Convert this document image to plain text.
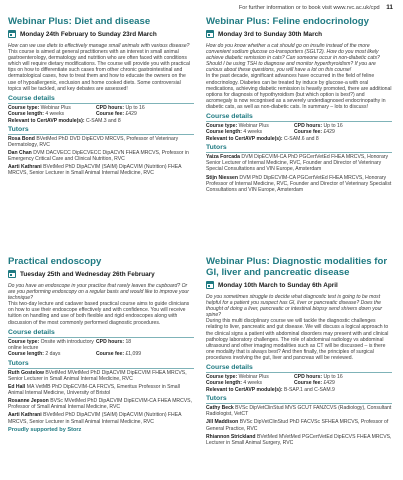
For further information or to book visit www.rvc.ac.uk/cpd 11
Webinar Plus: Diet and disease
Monday 24th February to Sunday 23rd March

How can we use diets to effectively manage small animals with various disease?

This course is aimed at general practitioners with an interest in small animal gastroenterology, dermatology and nutrition who are often faced with conditions which will require dietary modifications. The course will provide you with practical tips on how to differentiate such cases from other chronic gastrointestinal and dermatological cases, how to treat them and how to educate the owners on the use of hypoallergenic, exclusion and home cooked diets. Some controversial topics will be tackled, and key debates are assessed!

Course details
Course type: Webinar Plus	CPD hours: Up to 16
Course length: 4 weeks	Course fee: £429
Relevant to CertAVP module(s): C-SAM.3 and 8
Tutors

Rosa Bond BVetMed PhD DVD DipECVD MRCVS, Professor of Veterinary Dermatology, RVC

Dan Chan DVM DACVECC DipECVECC DipACVN FHEA MRCVS, Professor in Emergency Critical Care and Clinical Nutrition, RVC

Aarti Kathrani BVetMed PhD DipACVIM (SAIM) DipACVIM (Nutrition) FHEA MRCVS, Senior Lecturer in Small Animal Internal Medicine, RVC

Practical endoscopy
Tuesday 25th and Wednesday 26th February

Do you have an endoscope in your practice that rarely leaves the cupboard? Or are you performing endoscopy on a regular basis and would like to improve your technique?

This two-day lecture and cadaver based practical course aims to guide clinicians on how to use their endoscope effectively and with confidence. You will receive tuition on handling and use of both flexible and rigid endoscopes along with discussion of the most commonly performed diagnostic procedures.

Course details
Course type: Onsite with introductory online lecture
CPD hours: 18
Course length: 2 days	Course fee: £1,099
Tutors

Ruth Gostelow BVetMed MVetMed PhD DipACVIM DipECVIM FHEA MRCVS, Senior Lecturer in Small Animal Internal Medicine, RVC

Ed Hall MA VetMB PhD DipECVIM-CA FRCVS, Emeritus Professor in Small Animal Internal Medicine, University of Bristol

Rosanne Jepson BVSc MVetMed PhD DipACVIM DipECVIM-CA FHEA MRCVS, Professor of Small Animal Internal Medicine, RVC

Aarti Kathrani BVetMed PhD DipACVIM (SAIM) DipACVIM (Nutrition) FHEA MRCVS, Senior Lecturer in Small Animal Internal Medicine, RVC

Proudly supported by Storz
Webinar Plus: Feline endocrinology
Monday 3rd to Sunday 30th March

How do you know whether a cat should go on insulin instead of the more convenient sodium glucose co-transporters (SGLT2). How do you most likely achieve diabetic remission in cats? Can someone occur in non-diabetic cats? Should I be using TSH to diagnose and monitor hyperthyroidism? If you are curious about these questions, you will have a lot on this course!

In the past decade, significant advances have occurred in the field of feline endocrinology. Diabetes can be treated by induce by glucose-a with oral medications, achieving diabetic remission is heavily promoted, there are additional options for diagnosis of hypothyroidism (but which option is best?) and acromegaly is now recognised as a severely underdiagnosed endocrinopathy in diabetic cats, as well as non-diabetic cats. In summary – lots to discuss!

Course details
Course type: Webinar Plus	CPD hours: Up to 16
Course length: 4 weeks	Course fee: £429
Relevant to CertAVP module(s): C-SAM.6 and 8
Tutors

Yaiza Forcada DVM DipECVIM-CA PhD PGCertVetEd FHEA MRCVS, Honorary Senior Lecturer of Internal Medicine, RVC, Founder and Director of Veterinary Special Consultations and VIN Europe, Amsterdam

Stijn Niessen DVM PhD DipECVIM-CA PGCertVetEd FHEA MRCVS, Honorary Professor of Internal Medicine, RVC, Founder and Director of Veterinary Specialist Consultations and VIN Europe, Amsterdam

Webinar Plus: Diagnostic modalities for GI, liver and pancreatic disease
Monday 10th March to Sunday 6th April

Do you sometimes struggle to decide what diagnostic test is going to be most helpful for a patient you suspect has GI, liver or pancreatic disease? Does the thought of doing a liver, pancreatic or intestinal biopsy send shivers down your spine?

During this multi disciplinary course we will tackle the diagnostic challenges relating to liver, pancreatic and gut disease. We will discuss a logical approach to the clinical signs a patient with abdominal disorders may present with and clinical pathology laboratory challenges. The role of abdominal radiology vs abdominal ultrasound and other imaging modalities such as CT will be discussed – is there one modality that is always best? And then finally, the principles of surgical procedures involving the gut, liver and pancreas will be reviewed.

Course details
Course type: Webinar Plus	CPD hours: Up to 16
Course length: 4 weeks	Course fee: £429
Relevant to CertAVP module(s): B-SAP.1 and C-SAM.9
Tutors

Cathy Beck BVSc DipVetClinStud MVS GCUT FANZCVS (Radiology), Consultant Radiologist, VetCT

Jill Maddison BVSc DipVetClinStud PhD FACVSc SFHEA MRCVS, Professor of General Practice, RVC

Rhiannon Strickland BVetMed MVetMed PGCertVetEd DipECVS FHEA MRCVS, Lecturer in Small Animal Surgery, RVC
